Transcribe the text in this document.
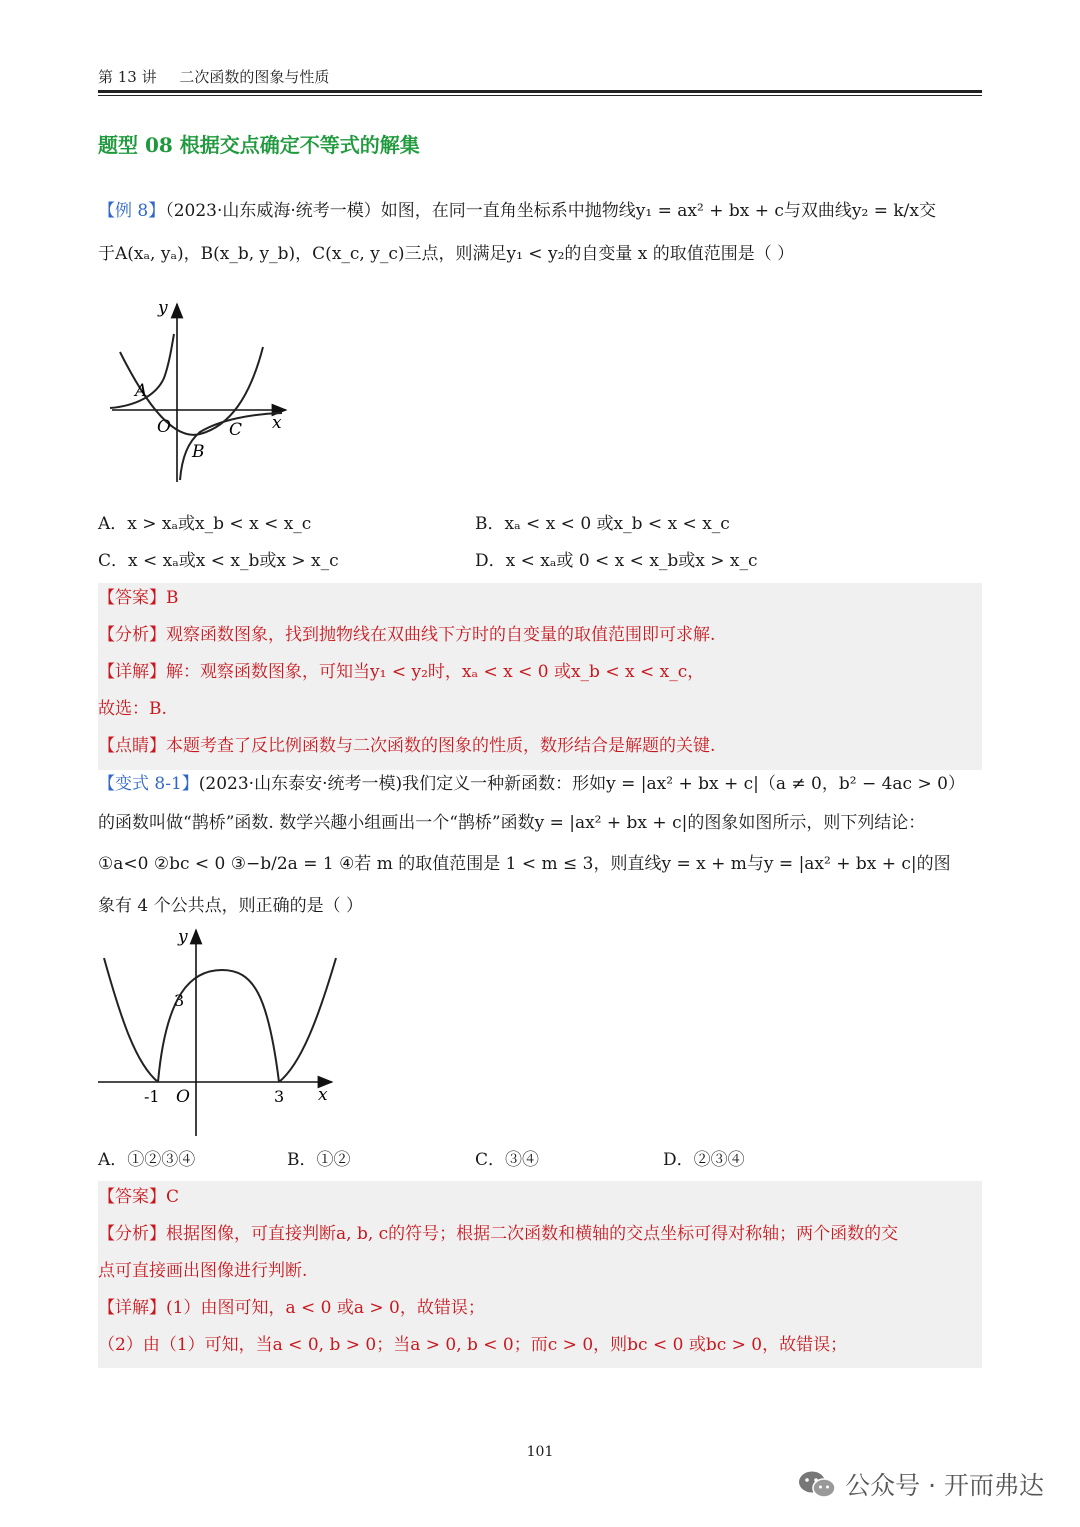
第 13 讲 二次函数的图象与性质
题型 08 根据交点确定不等式的解集
【例 8】（2023·山东威海·统考一模）如图，在同一直角坐标系中抛物线y₁ = ax² + bx + c与双曲线y₂ = k/x交
于A(xₐ, yₐ)，B(x_b, y_b)，C(x_c, y_c)三点，则满足y₁ < y₂的自变量 x 的取值范围是（ ）
y
x
O
A
B
C
A．x > xₐ或x_b < x < x_c	B．xₐ < x < 0 或x_b < x < x_c
C．x < xₐ或x < x_b或x > x_c	D．x < xₐ或 0 < x < x_b或x > x_c
【答案】B
【分析】观察函数图象，找到抛物线在双曲线下方时的自变量的取值范围即可求解.
【详解】解：观察函数图象，可知当y₁ < y₂时，xₐ < x < 0 或x_b < x < x_c，
故选：B.
【点睛】本题考查了反比例函数与二次函数的图象的性质，数形结合是解题的关键.
【变式 8-1】(2023·山东泰安·统考一模)我们定义一种新函数：形如y = |ax² + bx + c|（a ≠ 0，b² − 4ac > 0）
的函数叫做“鹊桥”函数. 数学兴趣小组画出一个“鹊桥”函数y = |ax² + bx + c|的图象如图所示，则下列结论：
①a<0 ②bc < 0 ③−b/2a = 1 ④若 m 的取值范围是 1 < m ≤ 3，则直线y = x + m与y = |ax² + bx + c|的图
象有 4 个公共点，则正确的是（ ）
y
x
O
-1	3
3
A．①②③④	B．①②	C．③④	D．②③④
【答案】C
【分析】根据图像，可直接判断a, b, c的符号；根据二次函数和横轴的交点坐标可得对称轴；两个函数的交
点可直接画出图像进行判断.
【详解】(1）由图可知，a < 0 或a > 0，故错误；
（2）由（1）可知，当a < 0, b > 0；当a > 0, b < 0；而c > 0，则bc < 0 或bc > 0，故错误；
101
公众号 · 开而弗达
